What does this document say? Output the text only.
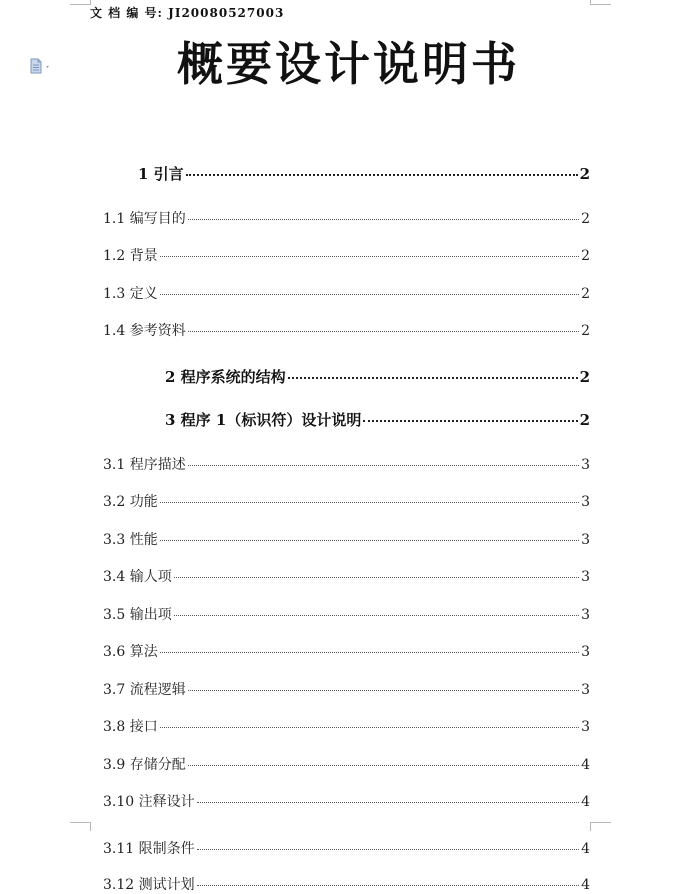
文 档 编 号: JI20080527003
概要设计说明书
1 引言	2
1.1 编写目的	2
1.2 背景	2
1.3 定义	2
1.4 参考资料	2
2 程序系统的结构	2
3 程序 1（标识符）设计说明	2
3.1 程序描述	3
3.2 功能	3
3.3 性能	3
3.4 输人项	3
3.5 输出项	3
3.6 算法	3
3.7 流程逻辑	3
3.8 接口	3
3.9 存储分配	4
3.10 注释设计	4
3.11 限制条件	4
3.12 测试计划	4
